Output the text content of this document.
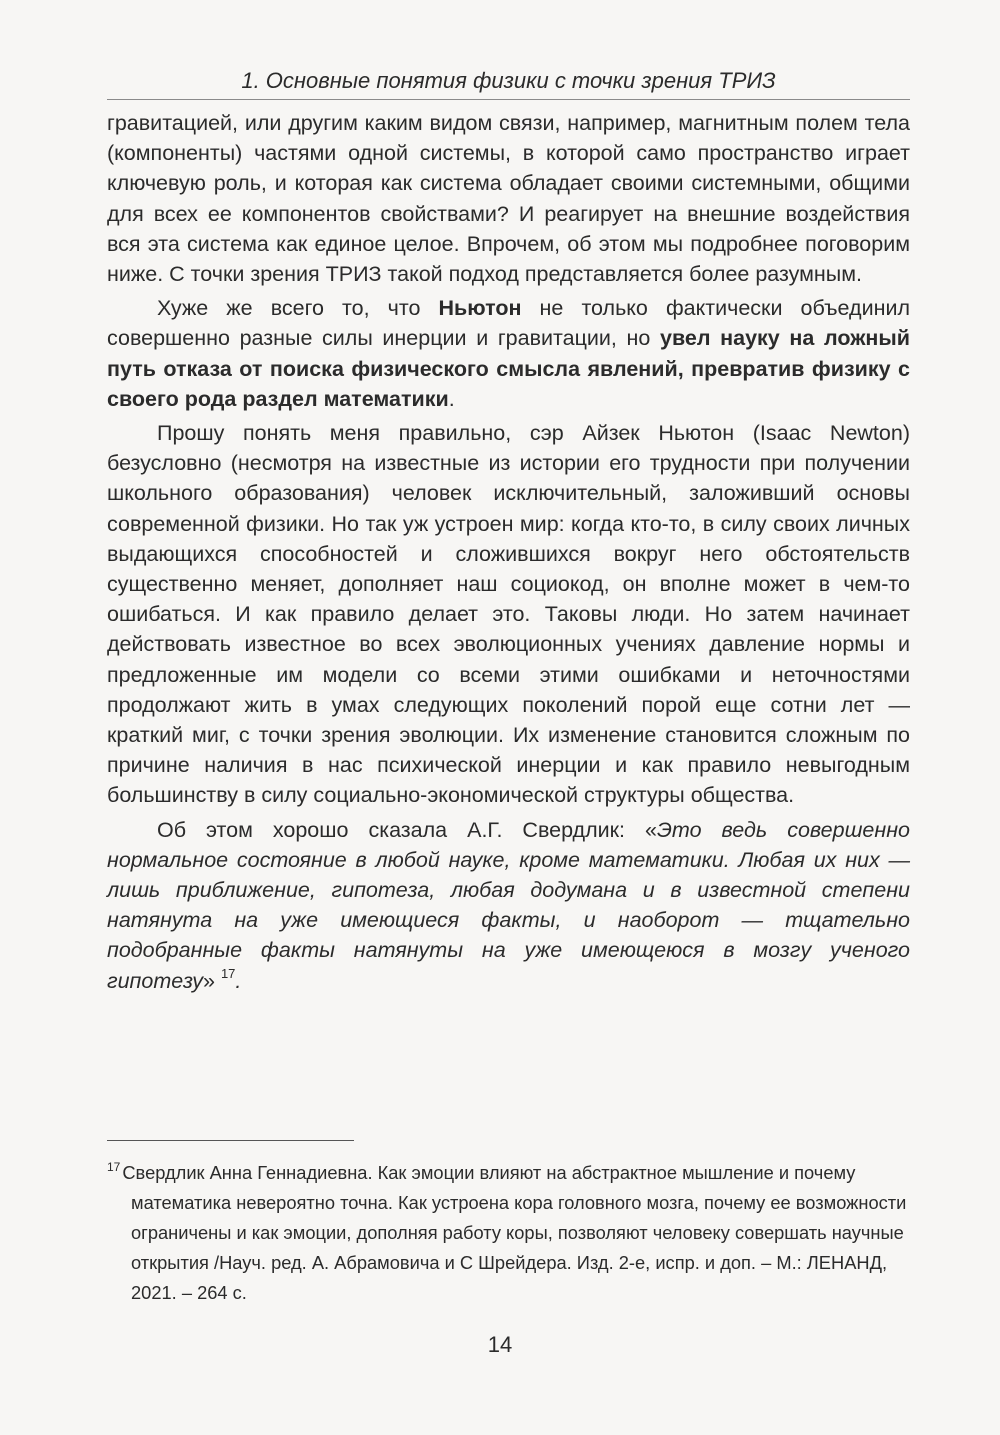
1. Основные понятия физики с точки зрения ТРИЗ

гравитацией, или другим каким видом связи, например, магнитным полем тела (компоненты) частями одной системы, в которой само пространство играет ключевую роль, и которая как система обладает своими системными, общими для всех ее компонентов свойствами? И реагирует на внешние воздействия вся эта система как единое целое. Впрочем, об этом мы подробнее поговорим ниже. С точки зрения ТРИЗ такой подход представляется более разумным.

Хуже же всего то, что Ньютон не только фактически объединил совершенно разные силы инерции и гравитации, но увел науку на ложный путь отказа от поиска физического смысла явлений, превратив физику с своего рода раздел математики.

Прошу понять меня правильно, сэр Айзек Ньютон (Isaac Newton) безусловно (несмотря на известные из истории его трудности при получении школьного образования) человек исключительный, заложивший основы современной физики. Но так уж устроен мир: когда кто-то, в силу своих личных выдающихся способностей и сложившихся вокруг него обстоятельств существенно меняет, дополняет наш социокод, он вполне может в чем-то ошибаться. И как правило делает это. Таковы люди. Но затем начинает действовать известное во всех эволюционных учениях давление нормы и предложенные им модели со всеми этими ошибками и неточностями продолжают жить в умах следующих поколений порой еще сотни лет — краткий миг, с точки зрения эволюции. Их изменение становится сложным по причине наличия в нас психической инерции и как правило невыгодным большинству в силу социально-экономической структуры общества.

Об этом хорошо сказала А.Г. Свердлик: «Это ведь совершенно нормальное состояние в любой науке, кроме математики. Любая их них — лишь приближение, гипотеза, любая додумана и в известной степени натянута на уже имеющиеся факты, и наоборот — тщательно подобранные факты натянуты на уже имеющеюся в мозгу ученого гипотезу» $^{17}$.

$^{17}$ Свердлик Анна Геннадиевна. Как эмоции влияют на абстрактное мышление и почему математика невероятно точна. Как устроена кора головного мозга, почему ее возможности ограничены и как эмоции, дополняя работу коры, позволяют человеку совершать научные открытия /Науч. ред. А. Абрамовича и С Шрейдера. Изд. 2-е, испр. и доп. – М.: ЛЕНАНД, 2021. – 264 с.
14
